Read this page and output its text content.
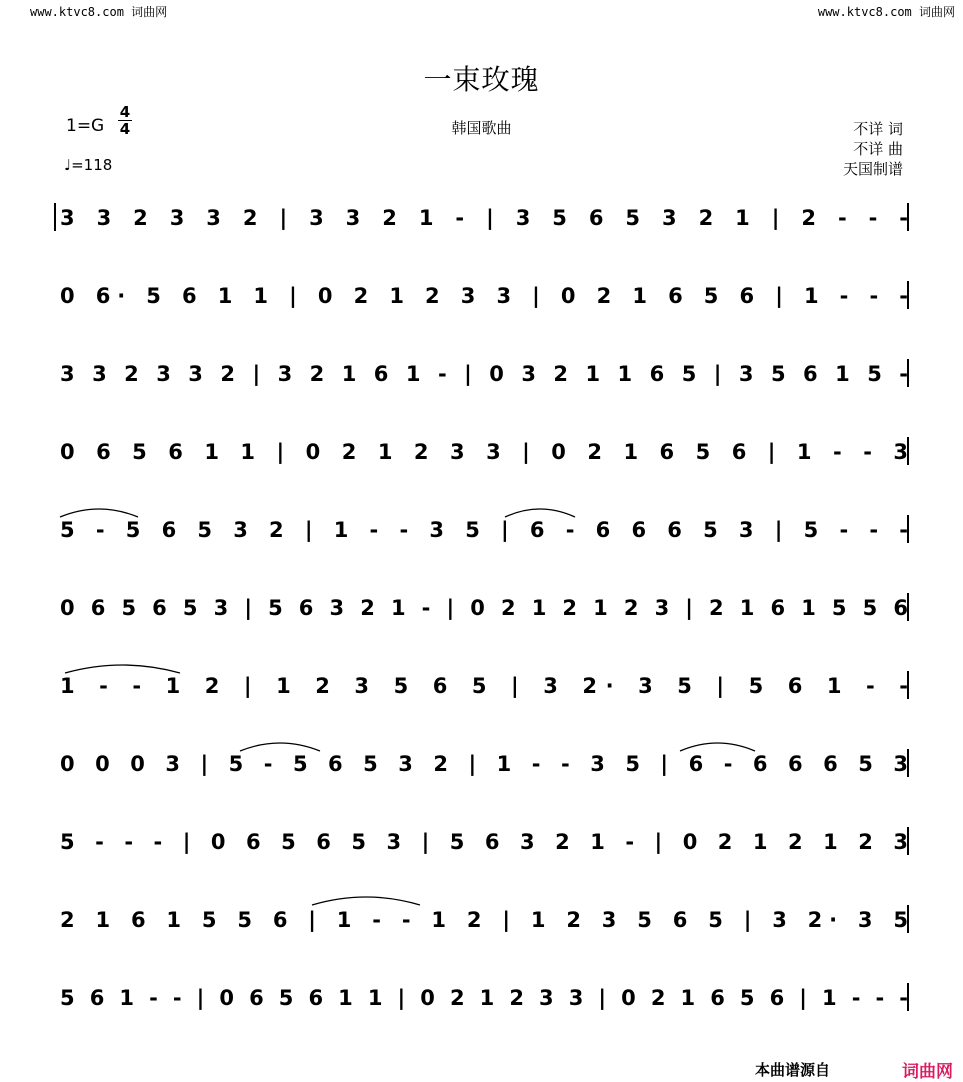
www.ktvc8.com 词曲网	www.ktvc8.com 词曲网
一束玫瑰
韩国歌曲
$1=G \frac{4}{4}$
♩=118
不详 词
不详 曲
天国制谱
3 3 2 3 3 2 | 3 3 2 1 - | 3 5 6 5 3 2 1 | 2 - - -
0 6· 5 6 1 1 | 0 2 1 2 3 3 | 0 2 1 6 5 6 | 1 - - -
3 3 2 3 3 2 | 3 2 1 6 1 - | 0 3 2 1 1 6 5 | 3 5 6 1 5 -
0 6 5 6 1 1 | 0 2 1 2 3 3 | 0 2 1 6 5 6 | 1 - - 3
5 - 5 6 5 3 2 | 1 - - 3 5 | 6 - 6 6 6 5 3 | 5 - - -
0 6 5 6 5 3 | 5 6 3 2 1 - | 0 2 1 2 1 2 3 | 2 1 6 1 5 5 6
1 - - 1 2 | 1 2 3 5 6 5 | 3 2· 3 5 | 5 6 1 - -
0 0 0 3 | 5 - 5 6 5 3 2 | 1 - - 3 5 | 6 - 6 6 6 5 3
5 - - - | 0 6 5 6 5 3 | 5 6 3 2 1 - | 0 2 1 2 1 2 3
2 1 6 1 5 5 6 | 1 - - 1 2 | 1 2 3 5 6 5 | 3 2· 3 5
5 6 1 - - | 0 6 5 6 1 1 | 0 2 1 2 3 3 | 0 2 1 6 5 6 | 1 - - -
本曲谱源自	词曲网
